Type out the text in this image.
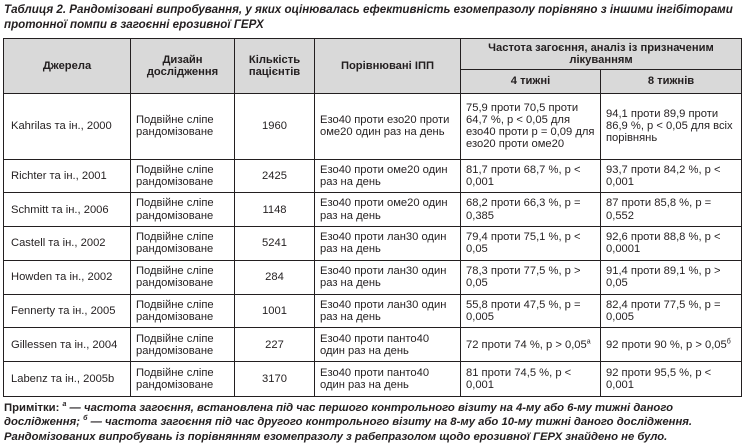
Таблиця 2. Рандомізовані випробування, у яких оцінювалась ефективність езомепразолу порівняно з іншими інгібіторами протонної помпи в загоєнні ерозивної ГЕРХ
Джерела	Дизайн дослідження	Кількість пацієнтів	Порівнювані ІПП	Частота загоєння, аналіз із призначеним лікуванням	
				4 тижні	8 тижнів
Kahrilas та ін., 2000	Подвійне сліпе рандомізоване	1960	Езо40 проти езо20 проти оме20 один раз на день	75,9 проти 70,5 проти 64,7 %, p < 0,05 для езо40 проти p = 0,09 для езо20 проти оме20	94,1 проти 89,9 проти 86,9 %, p < 0,05 для всіх порівнянь
Richter та ін., 2001	Подвійне сліпе рандомізоване	2425	Езо40 проти оме20 один раз на день	81,7 проти 68,7 %, p < 0,001	93,7 проти 84,2 %, p < 0,001
Schmitt та ін., 2006	Подвійне сліпе рандомізоване	1148	Езо40 проти оме20 один раз на день	68,2 проти 66,3 %, p = 0,385	87 проти 85,8 %, p = 0,552
Castell та ін., 2002	Подвійне сліпе рандомізоване	5241	Езо40 проти лан30 один раз на день	79,4 проти 75,1 %, p < 0,05	92,6 проти 88,8 %, p < 0,0001
Howden та ін., 2002	Подвійне сліпе рандомізоване	284	Езо40 проти лан30 один раз на день	78,3 проти 77,5 %, p > 0,05	91,4 проти 89,1 %, p > 0,05
Fennerty та ін., 2005	Подвійне сліпе рандомізоване	1001	Езо40 проти лан30 один раз на день	55,8 проти 47,5 %, p = 0,005	82,4 проти 77,5 %, p = 0,005
Gillessen та ін., 2004	Подвійне сліпе рандомізоване	227	Езо40 проти панто40 один раз на день	72 проти 74 %, $p > 0,05^а$	92 проти 90 %, $p > 0,05^б$
Labenz та ін., 2005b	Подвійне сліпе рандомізоване	3170	Езо40 проти панто40 один раз на день	81 проти 74,5 %, p < 0,001	92 проти 95,5 %, p < 0,001
Примітки: $^а$ — частота загоєння, встановлена під час першого контрольного візиту на 4-му або 6-му тижні даного дослідження; $^б$ — частота загоєння під час другого контрольного візиту на 8-му або 10-му тижні даного дослідження. Рандомізованих випробувань із порівнянням езомепразолу з рабепразолом щодо ерозивної ГЕРХ знайдено не було.
